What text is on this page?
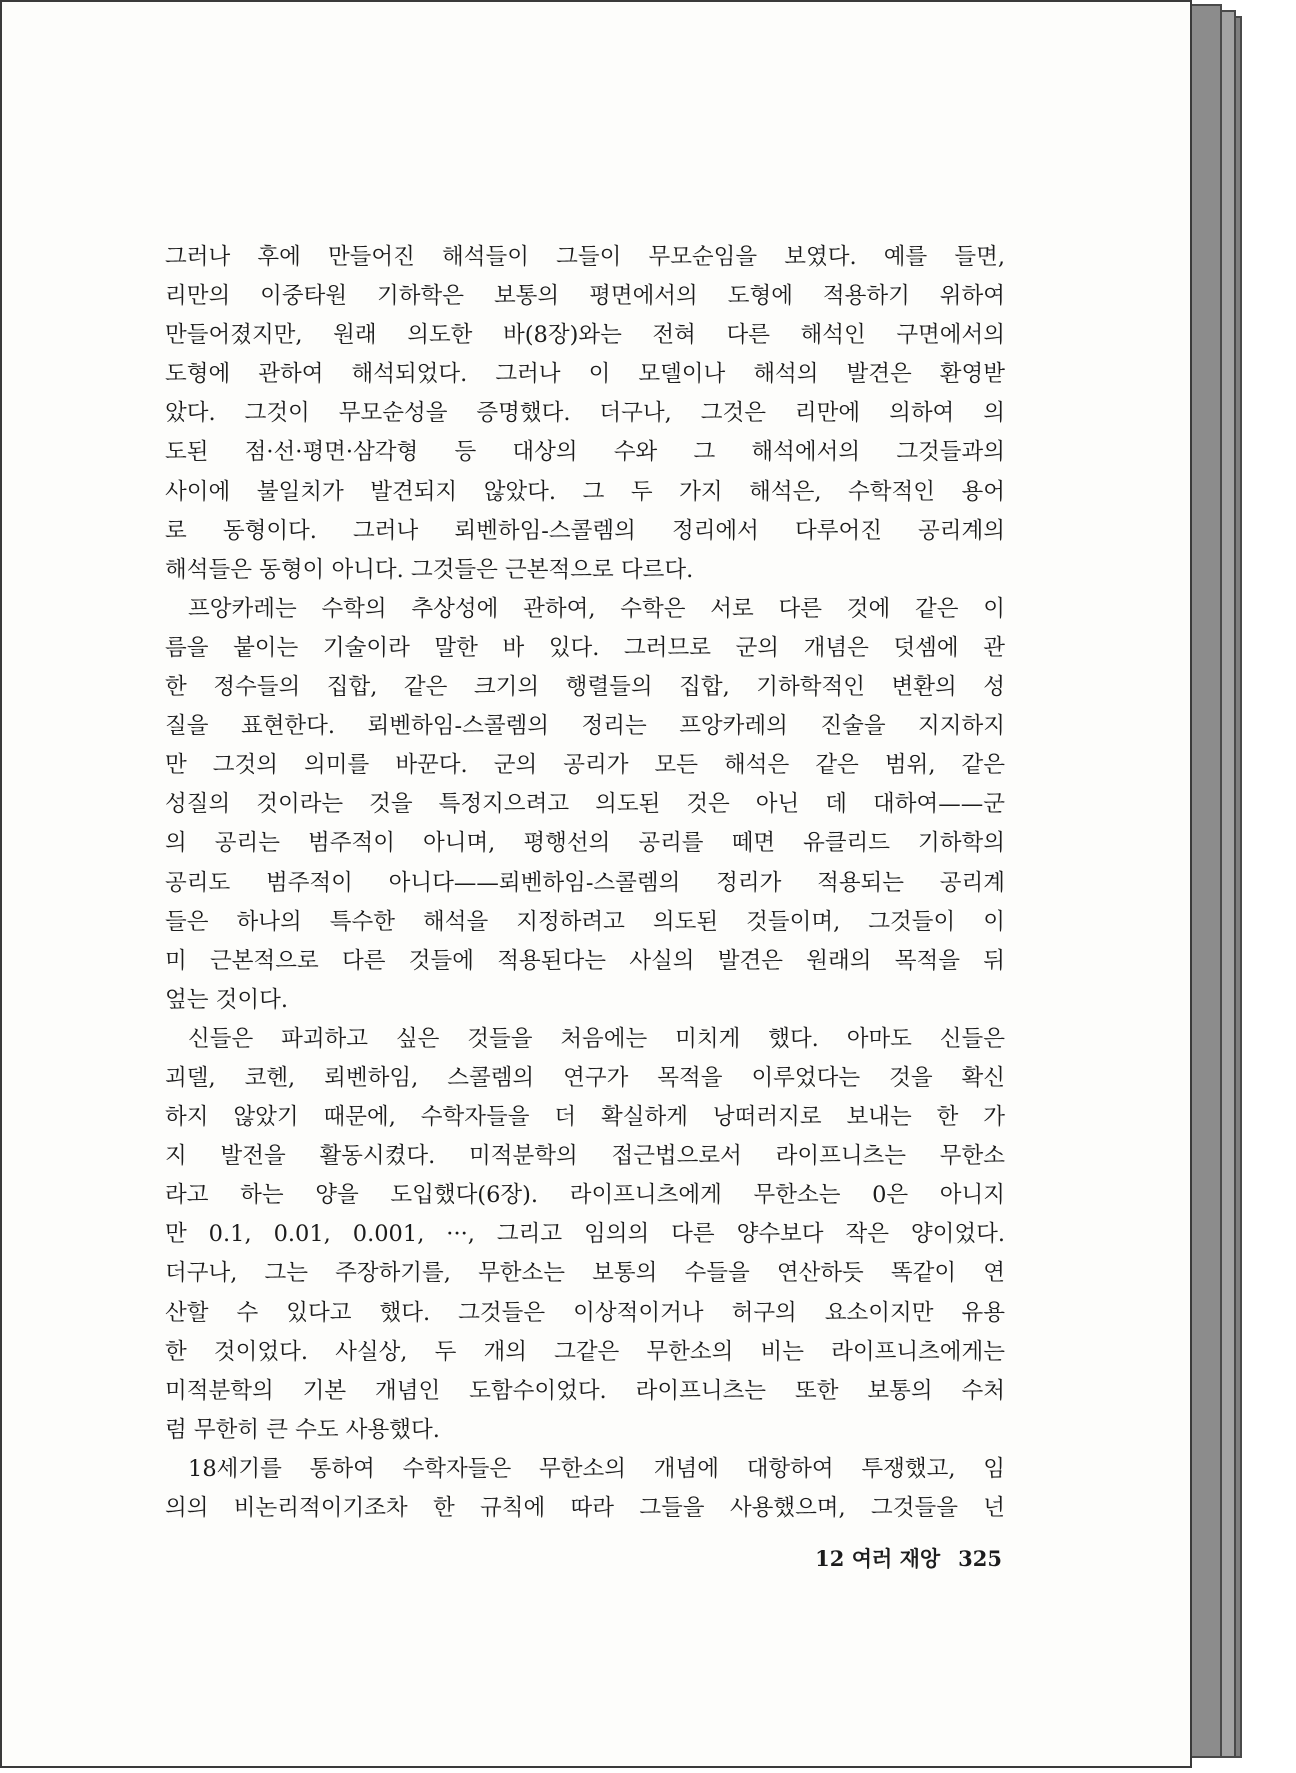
그러나 후에 만들어진 해석들이 그들이 무모순임을 보였다. 예를 들면,
리만의 이중타원 기하학은 보통의 평면에서의 도형에 적용하기 위하여
만들어졌지만, 원래 의도한 바(8장)와는 전혀 다른 해석인 구면에서의
도형에 관하여 해석되었다. 그러나 이 모델이나 해석의 발견은 환영받
았다. 그것이 무모순성을 증명했다. 더구나, 그것은 리만에 의하여 의
도된 점·선·평면·삼각형 등 대상의 수와 그 해석에서의 그것들과의
사이에 불일치가 발견되지 않았다. 그 두 가지 해석은, 수학적인 용어
로 동형이다. 그러나 뢰벤하임-스콜렘의 정리에서 다루어진 공리계의
해석들은 동형이 아니다. 그것들은 근본적으로 다르다.
프앙카레는 수학의 추상성에 관하여, 수학은 서로 다른 것에 같은 이
름을 붙이는 기술이라 말한 바 있다. 그러므로 군의 개념은 덧셈에 관
한 정수들의 집합, 같은 크기의 행렬들의 집합, 기하학적인 변환의 성
질을 표현한다. 뢰벤하임-스콜렘의 정리는 프앙카레의 진술을 지지하지
만 그것의 의미를 바꾼다. 군의 공리가 모든 해석은 같은 범위, 같은
성질의 것이라는 것을 특정지으려고 의도된 것은 아닌 데 대하여——군
의 공리는 범주적이 아니며, 평행선의 공리를 떼면 유클리드 기하학의
공리도 범주적이 아니다——뢰벤하임-스콜렘의 정리가 적용되는 공리계
들은 하나의 특수한 해석을 지정하려고 의도된 것들이며, 그것들이 이
미 근본적으로 다른 것들에 적용된다는 사실의 발견은 원래의 목적을 뒤
엎는 것이다.
신들은 파괴하고 싶은 것들을 처음에는 미치게 했다. 아마도 신들은
괴델, 코헨, 뢰벤하임, 스콜렘의 연구가 목적을 이루었다는 것을 확신
하지 않았기 때문에, 수학자들을 더 확실하게 낭떠러지로 보내는 한 가
지 발전을 활동시켰다. 미적분학의 접근법으로서 라이프니츠는 무한소
라고 하는 양을 도입했다(6장). 라이프니츠에게 무한소는 0은 아니지
만 0.1, 0.01, 0.001, ···, 그리고 임의의 다른 양수보다 작은 양이었다.
더구나, 그는 주장하기를, 무한소는 보통의 수들을 연산하듯 똑같이 연
산할 수 있다고 했다. 그것들은 이상적이거나 허구의 요소이지만 유용
한 것이었다. 사실상, 두 개의 그같은 무한소의 비는 라이프니츠에게는
미적분학의 기본 개념인 도함수이었다. 라이프니츠는 또한 보통의 수처
럼 무한히 큰 수도 사용했다.
18세기를 통하여 수학자들은 무한소의 개념에 대항하여 투쟁했고, 임
의의 비논리적이기조차 한 규칙에 따라 그들을 사용했으며, 그것들을 넌
12 여러 재앙 325
